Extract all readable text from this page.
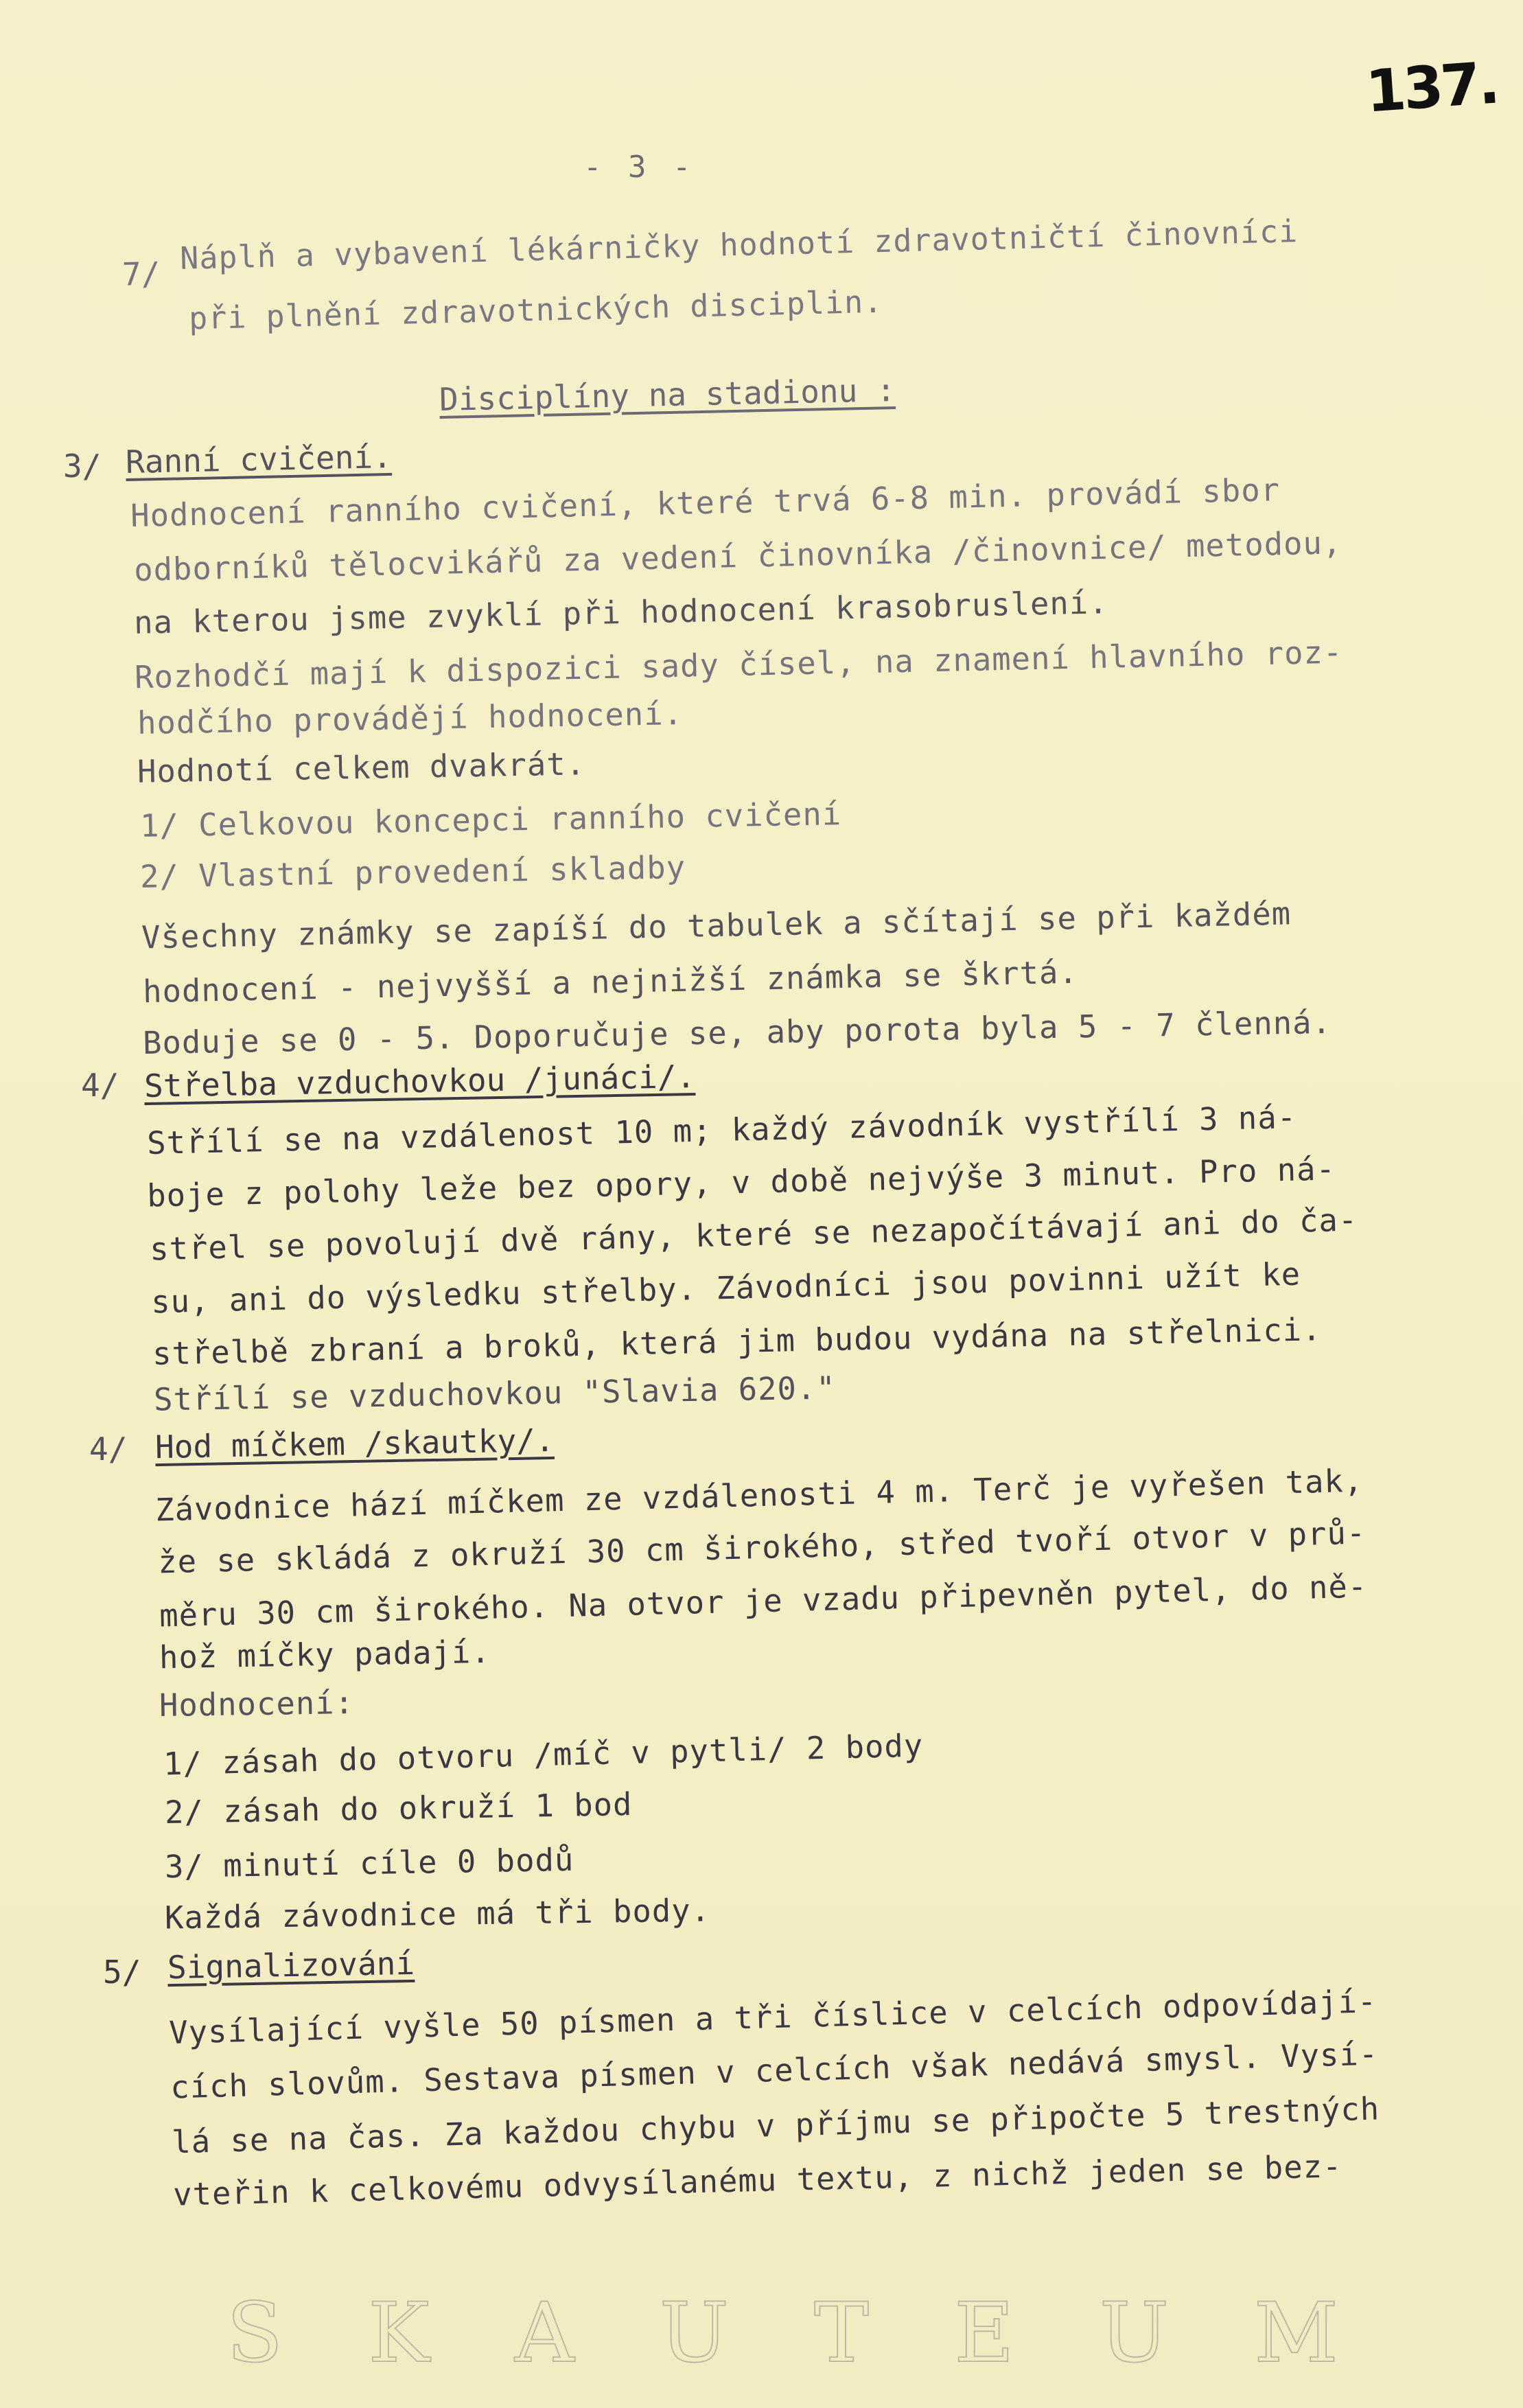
137.
- 3 -
7/ Náplň a vybavení lékárničky hodnotí zdravotničtí činovníci
při plnění zdravotnických disciplin.
Disciplíny na stadionu :
3/ Ranní cvičení.
Hodnocení ranního cvičení, které trvá 6-8 min. provádí sbor
odborníků tělocvikářů za vedení činovníka /činovnice/ metodou,
na kterou jsme zvyklí při hodnocení krasobruslení.
Rozhodčí mají k dispozici sady čísel, na znamení hlavního roz-
hodčího provádějí hodnocení.
Hodnotí celkem dvakrát.
1/ Celkovou koncepci ranního cvičení
2/ Vlastní provedení skladby
Všechny známky se zapíší do tabulek a sčítají se při každém
hodnocení - nejvyšší a nejnižší známka se škrtá.
Boduje se 0 - 5. Doporučuje se, aby porota byla 5 - 7 členná.
4/ Střelba vzduchovkou /junáci/.
Střílí se na vzdálenost 10 m; každý závodník vystřílí 3 ná-
boje z polohy leže bez opory, v době nejvýše 3 minut. Pro ná-
střel se povolují dvě rány, které se nezapočítávají ani do ča-
su, ani do výsledku střelby. Závodníci jsou povinni užít ke
střelbě zbraní a broků, která jim budou vydána na střelnici.
Střílí se vzduchovkou "Slavia 620."
4/ Hod míčkem /skautky/.
Závodnice hází míčkem ze vzdálenosti 4 m. Terč je vyřešen tak,
že se skládá z okruží 30 cm širokého, střed tvoří otvor v prů-
měru 30 cm širokého. Na otvor je vzadu připevněn pytel, do ně-
hož míčky padají.
Hodnocení:
1/ zásah do otvoru /míč v pytli/ 2 body
2/ zásah do okruží 1 bod
3/ minutí cíle 0 bodů
Každá závodnice má tři body.
5/ Signalizování
Vysílající vyšle 50 písmen a tři číslice v celcích odpovídají-
cích slovům. Sestava písmen v celcích však nedává smysl. Vysí-
lá se na čas. Za každou chybu v příjmu se připočte 5 trestných
vteřin k celkovému odvysílanému textu, z nichž jeden se bez-
S K A U T E U M
